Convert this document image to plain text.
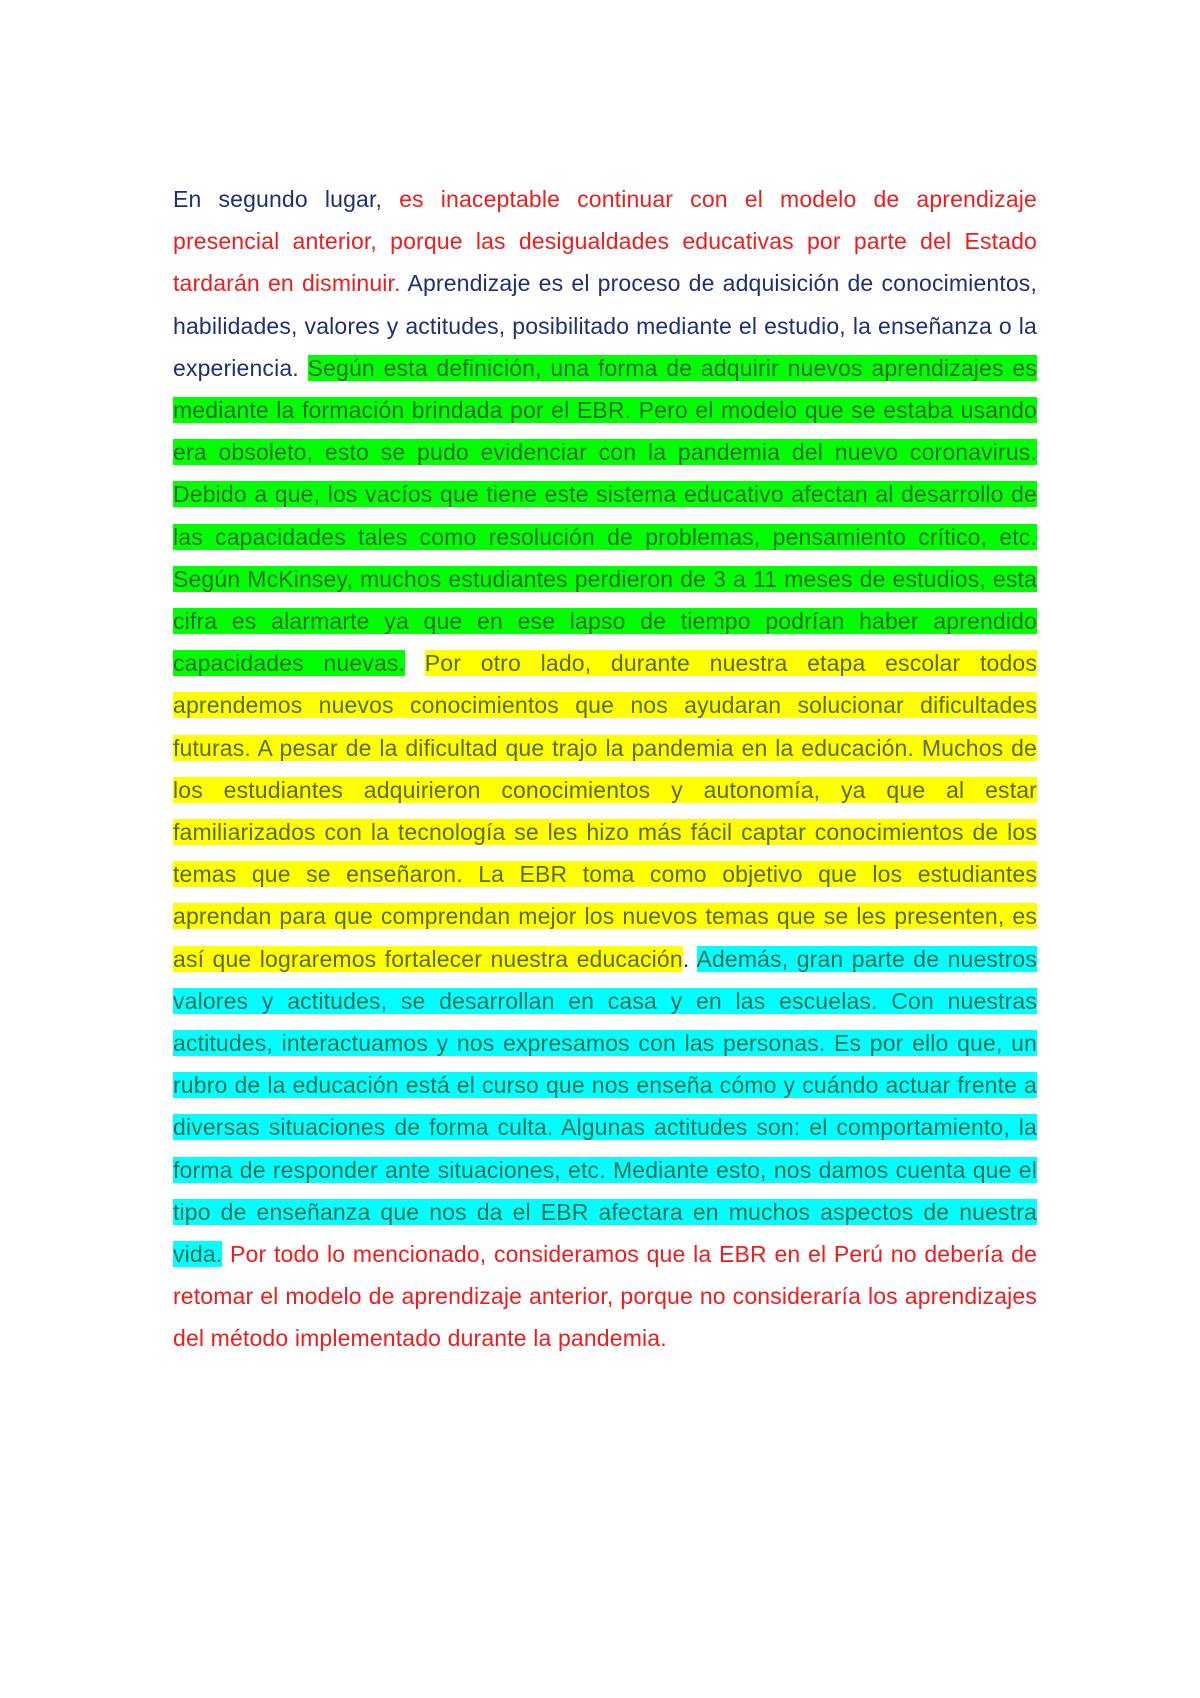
En segundo lugar, es inaceptable continuar con el modelo de aprendizaje presencial anterior, porque las desigualdades educativas por parte del Estado tardarán en disminuir. Aprendizaje es el proceso de adquisición de conocimientos, habilidades, valores y actitudes, posibilitado mediante el estudio, la enseñanza o la experiencia. Según esta definición, una forma de adquirir nuevos aprendizajes es mediante la formación brindada por el EBR. Pero el modelo que se estaba usando era obsoleto, esto se pudo evidenciar con la pandemia del nuevo coronavirus. Debido a que, los vacíos que tiene este sistema educativo afectan al desarrollo de las capacidades tales como resolución de problemas, pensamiento crítico, etc. Según McKinsey, muchos estudiantes perdieron de 3 a 11 meses de estudios, esta cifra es alarmarte ya que en ese lapso de tiempo podrían haber aprendido capacidades nuevas. Por otro lado, durante nuestra etapa escolar todos aprendemos nuevos conocimientos que nos ayudaran solucionar dificultades futuras. A pesar de la dificultad que trajo la pandemia en la educación. Muchos de los estudiantes adquirieron conocimientos y autonomía, ya que al estar familiarizados con la tecnología se les hizo más fácil captar conocimientos de los temas que se enseñaron. La EBR toma como objetivo que los estudiantes aprendan para que comprendan mejor los nuevos temas que se les presenten, es así que lograremos fortalecer nuestra educación. Además, gran parte de nuestros valores y actitudes, se desarrollan en casa y en las escuelas. Con nuestras actitudes, interactuamos y nos expresamos con las personas. Es por ello que, un rubro de la educación está el curso que nos enseña cómo y cuándo actuar frente a diversas situaciones de forma culta. Algunas actitudes son: el comportamiento, la forma de responder ante situaciones, etc. Mediante esto, nos damos cuenta que el tipo de enseñanza que nos da el EBR afectara en muchos aspectos de nuestra vida. Por todo lo mencionado, consideramos que la EBR en el Perú no debería de retomar el modelo de aprendizaje anterior, porque no consideraría los aprendizajes del método implementado durante la pandemia.
